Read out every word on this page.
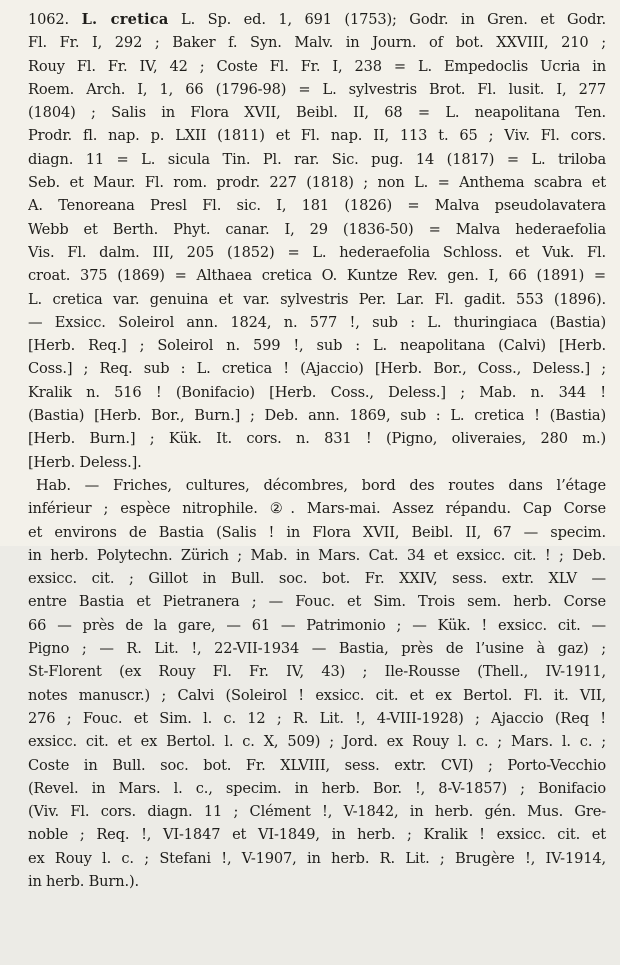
1062. L. cretica L. Sp. ed. 1, 691 (1753); Godr. in Gren. et Godr.
Fl. Fr. I, 292 ; Baker f. Syn. Malv. in Journ. of bot. XXVIII, 210 ;
Rouy Fl. Fr. IV, 42 ; Coste Fl. Fr. I, 238 = L. Empedoclis Ucria in
Roem. Arch. I, 1, 66 (1796-98) = L. sylvestris Brot. Fl. lusit. I, 277
(1804) ; Salis in Flora XVII, Beibl. II, 68 = L. neapolitana Ten.
Prodr. fl. nap. p. LXII (1811) et Fl. nap. II, 113 t. 65 ; Viv. Fl. cors.
diagn. 11 = L. sicula Tin. Pl. rar. Sic. pug. 14 (1817) = L. triloba
Seb. et Maur. Fl. rom. prodr. 227 (1818) ; non L. = Anthema scabra et
A. Tenoreana Presl Fl. sic. I, 181 (1826) = Malva pseudolavatera
Webb et Berth. Phyt. canar. I, 29 (1836-50) = Malva hederaefolia
Vis. Fl. dalm. III, 205 (1852) = L. hederaefolia Schloss. et Vuk. Fl.
croat. 375 (1869) = Althaea cretica O. Kuntze Rev. gen. I, 66 (1891) =
L. cretica var. genuina et var. sylvestris Per. Lar. Fl. gadit. 553 (1896).
— Exsicc. Soleirol ann. 1824, n. 577 !, sub : L. thuringiaca (Bastia)
[Herb. Req.] ; Soleirol n. 599 !, sub : L. neapolitana (Calvi) [Herb.
Coss.] ; Req. sub : L. cretica ! (Ajaccio) [Herb. Bor., Coss., Deless.] ;
Kralik n. 516 ! (Bonifacio) [Herb. Coss., Deless.] ; Mab. n. 344 !
(Bastia) [Herb. Bor., Burn.] ; Deb. ann. 1869, sub : L. cretica ! (Bastia)
[Herb. Burn.] ; Kük. It. cors. n. 831 ! (Pigno, oliveraies, 280 m.)
[Herb. Deless.].
Hab. — Friches, cultures, décombres, bord des routes dans l’étage
inférieur ; espèce nitrophile. ②. Mars-mai. Assez répandu. Cap Corse
et environs de Bastia (Salis ! in Flora XVII, Beibl. II, 67 — specim.
in herb. Polytechn. Zürich ; Mab. in Mars. Cat. 34 et exsicc. cit. ! ; Deb.
exsicc. cit. ; Gillot in Bull. soc. bot. Fr. XXIV, sess. extr. XLV —
entre Bastia et Pietranera ; — Fouc. et Sim. Trois sem. herb. Corse
66 — près de la gare, — 61 — Patrimonio ; — Kük. ! exsicc. cit. —
Pigno ; — R. Lit. !, 22-VII-1934 — Bastia, près de l’usine à gaz) ;
St-Florent (ex Rouy Fl. Fr. IV, 43) ; Ile-Rousse (Thell., IV-1911,
notes manuscr.) ; Calvi (Soleirol ! exsicc. cit. et ex Bertol. Fl. it. VII,
276 ; Fouc. et Sim. l. c. 12 ; R. Lit. !, 4-VIII-1928) ; Ajaccio (Req !
exsicc. cit. et ex Bertol. l. c. X, 509) ; Jord. ex Rouy l. c. ; Mars. l. c. ;
Coste in Bull. soc. bot. Fr. XLVIII, sess. extr. CVI) ; Porto-Vecchio
(Revel. in Mars. l. c., specim. in herb. Bor. !, 8-V-1857) ; Bonifacio
(Viv. Fl. cors. diagn. 11 ; Clément !, V-1842, in herb. gén. Mus. Gre-
noble ; Req. !, VI-1847 et VI-1849, in herb. ; Kralik ! exsicc. cit. et
ex Rouy l. c. ; Stefani !, V-1907, in herb. R. Lit. ; Brugère !, IV-1914,
in herb. Burn.).
